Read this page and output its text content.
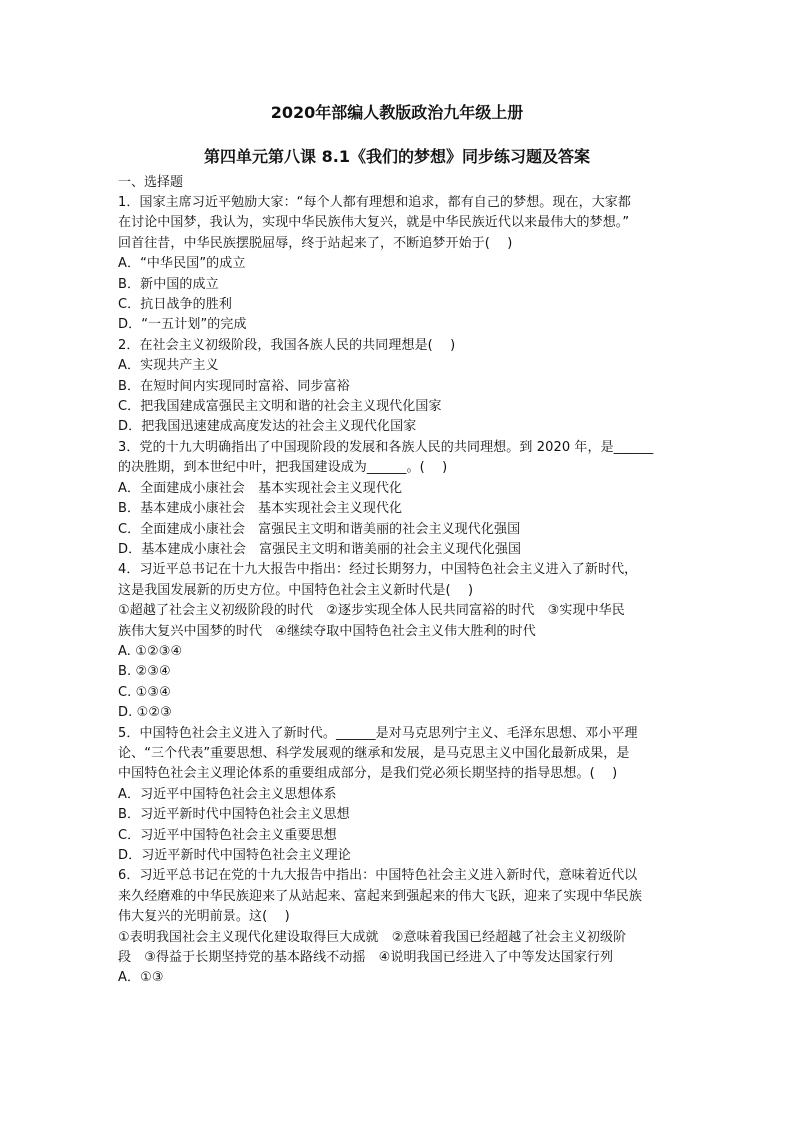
2020年部编人教版政治九年级上册

第四单元第八课 8.1《我们的梦想》同步练习题及答案

一、选择题

1．国家主席习近平勉励大家：“每个人都有理想和追求，都有自己的梦想。现在，大家都

在讨论中国梦，我认为，实现中华民族伟大复兴，就是中华民族近代以来最伟大的梦想。”

回首往昔，中华民族摆脱屈辱，终于站起来了，不断追梦开始于(　 )

A．“中华民国”的成立

B．新中国的成立

C．抗日战争的胜利

D．“一五计划”的完成

2．在社会主义初级阶段，我国各族人民的共同理想是(　 )

A．实现共产主义

B．在短时间内实现同时富裕、同步富裕

C．把我国建成富强民主文明和谐的社会主义现代化国家

D．把我国迅速建成高度发达的社会主义现代化国家

3．党的十九大明确指出了中国现阶段的发展和各族人民的共同理想。到 2020 年，是______

的决胜期，到本世纪中叶，把我国建设成为______。(　 )

A．全面建成小康社会　基本实现社会主义现代化

B．基本建成小康社会　基本实现社会主义现代化

C．全面建成小康社会　富强民主文明和谐美丽的社会主义现代化强国

D．基本建成小康社会　富强民主文明和谐美丽的社会主义现代化强国

4．习近平总书记在十九大报告中指出：经过长期努力，中国特色社会主义进入了新时代，

这是我国发展新的历史方位。中国特色社会主义新时代是(　 )

①超越了社会主义初级阶段的时代　②逐步实现全体人民共同富裕的时代　③实现中华民

族伟大复兴中国梦的时代　④继续夺取中国特色社会主义伟大胜利的时代

A. ①②③④

B. ②③④

C. ①③④

D. ①②③

5．中国特色社会主义进入了新时代。______是对马克思列宁主义、毛泽东思想、邓小平理

论、“三个代表”重要思想、科学发展观的继承和发展，是马克思主义中国化最新成果，是

中国特色社会主义理论体系的重要组成部分，是我们党必须长期坚持的指导思想。(　 )

A．习近平中国特色社会主义思想体系

B．习近平新时代中国特色社会主义思想

C．习近平中国特色社会主义重要思想

D．习近平新时代中国特色社会主义理论

6．习近平总书记在党的十九大报告中指出：中国特色社会主义进入新时代，意味着近代以

来久经磨难的中华民族迎来了从站起来、富起来到强起来的伟大飞跃，迎来了实现中华民族

伟大复兴的光明前景。这(　 )

①表明我国社会主义现代化建设取得巨大成就　②意味着我国已经超越了社会主义初级阶

段　③得益于长期坚持党的基本路线不动摇　④说明我国已经进入了中等发达国家行列

A．①③
